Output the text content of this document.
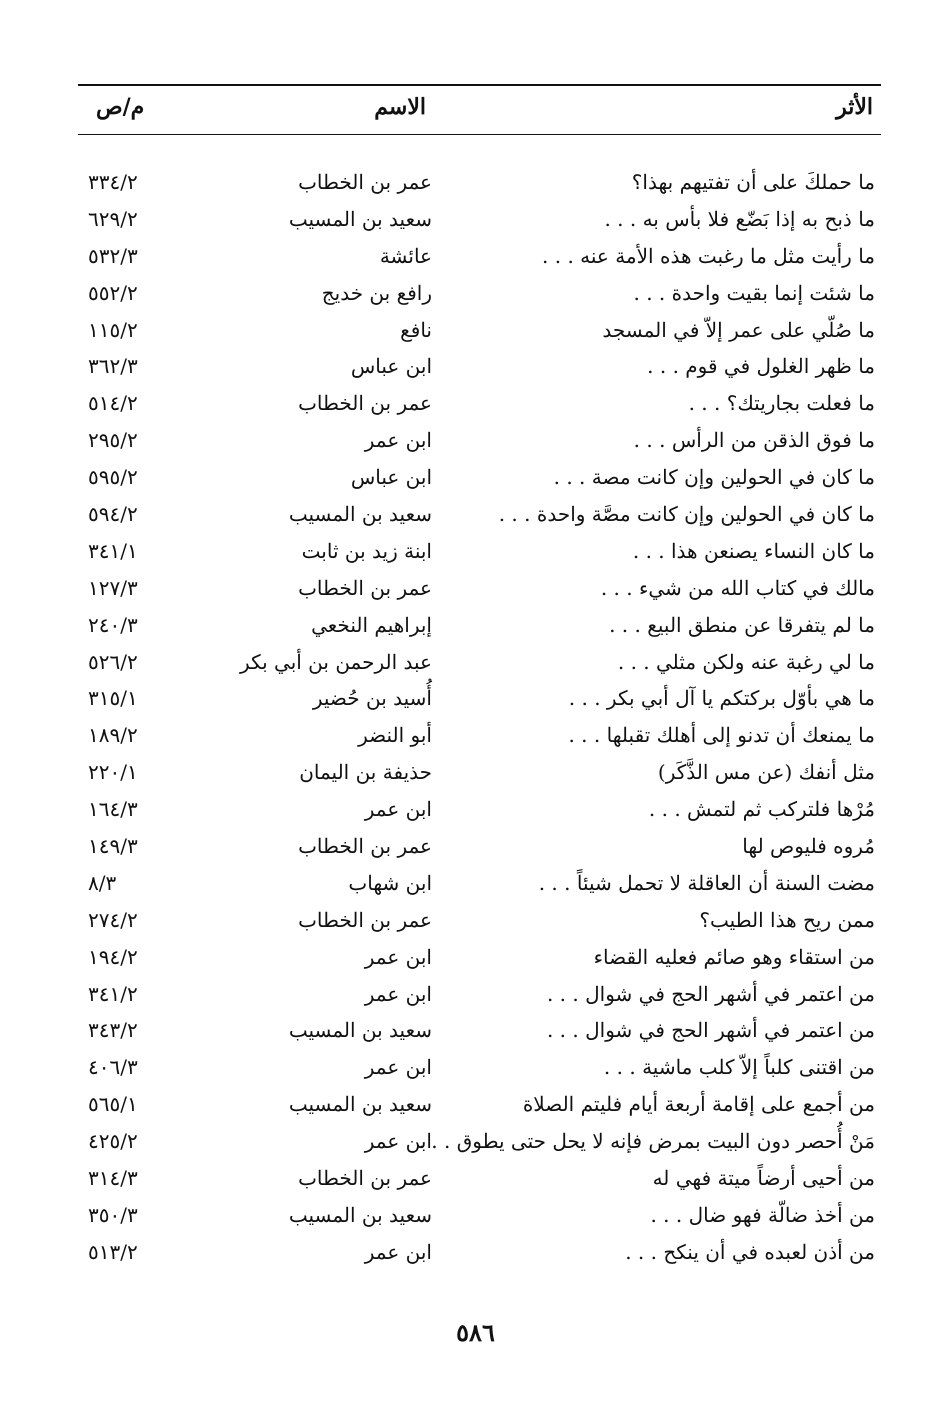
الأثر
الاسم
م/ص
ما حملكَ على أن تفتيهم بهذا؟
عمر بن الخطاب
٣٣٤/٢
ما ذبح به إذا بَضّع فلا بأس به . . .
سعيد بن المسيب
٦٢٩/٢
ما رأيت مثل ما رغبت هذه الأمة عنه . . .
عائشة
٥٣٢/٣
ما شئت إنما بقيت واحدة . . .
رافع بن خديج
٥٥٢/٢
ما صُلّي على عمر إلاّ في المسجد
نافع
١١٥/٢
ما ظهر الغلول في قوم . . .
ابن عباس
٣٦٢/٣
ما فعلت بجاريتك؟ . . .
عمر بن الخطاب
٥١٤/٢
ما فوق الذقن من الرأس . . .
ابن عمر
٢٩٥/٢
ما كان في الحولين وإن كانت مصة . . .
ابن عباس
٥٩٥/٢
ما كان في الحولين وإن كانت مصَّة واحدة . . .
سعيد بن المسيب
٥٩٤/٢
ما كان النساء يصنعن هذا . . .
ابنة زيد بن ثابت
٣٤١/١
مالك في كتاب الله من شيء . . .
عمر بن الخطاب
١٢٧/٣
ما لم يتفرقا عن منطق البيع . . .
إبراهيم النخعي
٢٤٠/٣
ما لي رغبة عنه ولكن مثلي . . .
عبد الرحمن بن أبي بكر
٥٢٦/٢
ما هي بأوّل بركتكم يا آل أبي بكر . . .
أُسيد بن حُضير
٣١٥/١
ما يمنعك أن تدنو إلى أهلك تقبلها . . .
أبو النضر
١٨٩/٢
مثل أنفك (عن مس الذَّكَر)
حذيفة بن اليمان
٢٢٠/١
مُرْها فلتركب ثم لتمش . . .
ابن عمر
١٦٤/٣
مُروه فليوص لها
عمر بن الخطاب
١٤٩/٣
مضت السنة أن العاقلة لا تحمل شيئاً . . .
ابن شهاب
٨/٣
ممن ريح هذا الطيب؟
عمر بن الخطاب
٢٧٤/٢
من استقاء وهو صائم فعليه القضاء
ابن عمر
١٩٤/٢
من اعتمر في أشهر الحج في شوال . . .
ابن عمر
٣٤١/٢
من اعتمر في أشهر الحج في شوال . . .
سعيد بن المسيب
٣٤٣/٢
من اقتنى كلباً إلاّ كلب ماشية . . .
ابن عمر
٤٠٦/٣
من أجمع على إقامة أربعة أيام فليتم الصلاة
سعيد بن المسيب
٥٦٥/١
مَنْ أُحصر دون البيت بمرض فإنه لا يحل حتى يطوق . . .
ابن عمر
٤٢٥/٢
من أحيى أرضاً ميتة فهي له
عمر بن الخطاب
٣١٤/٣
من أخذ ضالّة فهو ضال . . .
سعيد بن المسيب
٣٥٠/٣
من أذن لعبده في أن ينكح . . .
ابن عمر
٥١٣/٢
٥٨٦
